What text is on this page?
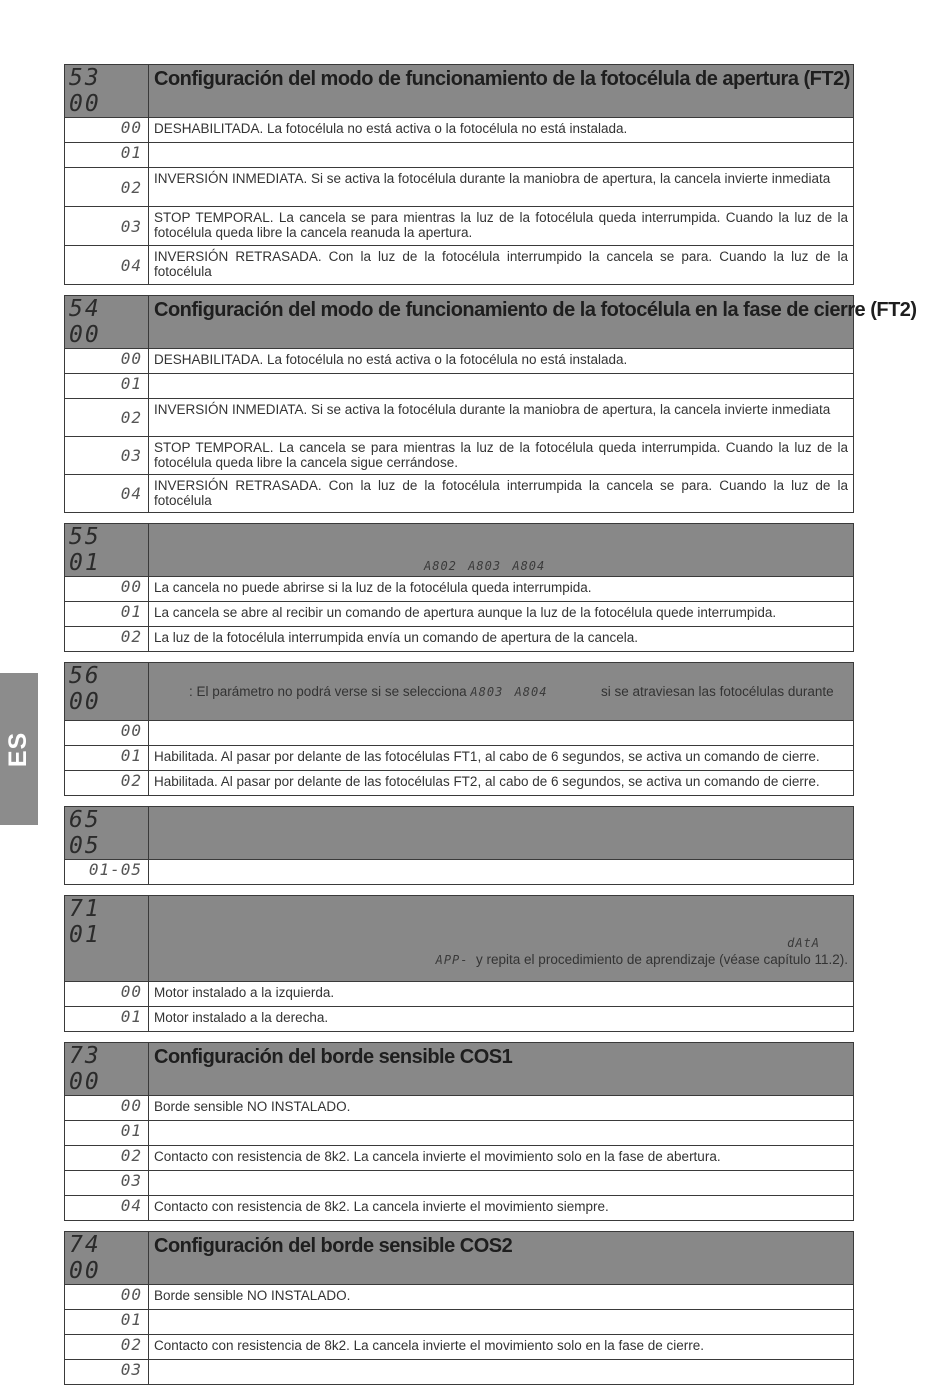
ES
53 00	Configuración del modo de funcionamiento de la fotocélula de apertura (FT2)
00	DESHABILITADA. La fotocélula no está activa o la fotocélula no está instalada.
01	
02	INVERSIÓN INMEDIATA. Si se activa la fotocélula durante la maniobra de apertura, la cancela invierte inmediata
03	STOP TEMPORAL. La cancela se para mientras la luz de la fotocélula queda interrumpida. Cuando la luz de la fotocélula queda libre la cancela reanuda la apertura.
04	INVERSIÓN RETRASADA. Con la luz de la fotocélula interrumpido la cancela se para. Cuando la luz de la fotocélula
54 00	Configuración del modo de funcionamiento de la fotocélula en la fase de cierre (FT2)
00	DESHABILITADA. La fotocélula no está activa o la fotocélula no está instalada.
01	
02	INVERSIÓN INMEDIATA. Si se activa la fotocélula durante la maniobra de apertura, la cancela invierte inmediata
03	STOP TEMPORAL. La cancela se para mientras la luz de la fotocélula queda interrumpida. Cuando la luz de la fotocélula queda libre la cancela sigue cerrándose.
04	INVERSIÓN RETRASADA. Con la luz de la fotocélula interrumpida la cancela se para. Cuando la luz de la fotocélula
55 01	A802 A803 A804
00	La cancela no puede abrirse si la luz de la fotocélula queda interrumpida.
01	La cancela se abre al recibir un comando de apertura aunque la luz de la fotocélula quede interrumpida.
02	La luz de la fotocélula interrumpida envía un comando de apertura de la cancela.
56 00	: El parámetro no podrá verse si se selecciona A803 A804 si se atraviesan las fotocélulas durante
00	
01	Habilitada. Al pasar por delante de las fotocélulas FT1, al cabo de 6 segundos, se activa un comando de cierre.
02	Habilitada. Al pasar por delante de las fotocélulas FT2, al cabo de 6 segundos, se activa un comando de cierre.
65 05	
01-05	
71 01	dAtA
APP- y repita el procedimiento de aprendizaje (véase capítulo 11.2).

00	Motor instalado a la izquierda.
01	Motor instalado a la derecha.
73 00	Configuración del borde sensible COS1
00	Borde sensible NO INSTALADO.
01	
02	Contacto con resistencia de 8k2. La cancela invierte el movimiento solo en la fase de abertura.
03	
04	Contacto con resistencia de 8k2. La cancela invierte el movimiento siempre.
74 00	Configuración del borde sensible COS2
00	Borde sensible NO INSTALADO.
01	
02	Contacto con resistencia de 8k2. La cancela invierte el movimiento solo en la fase de cierre.
03	
